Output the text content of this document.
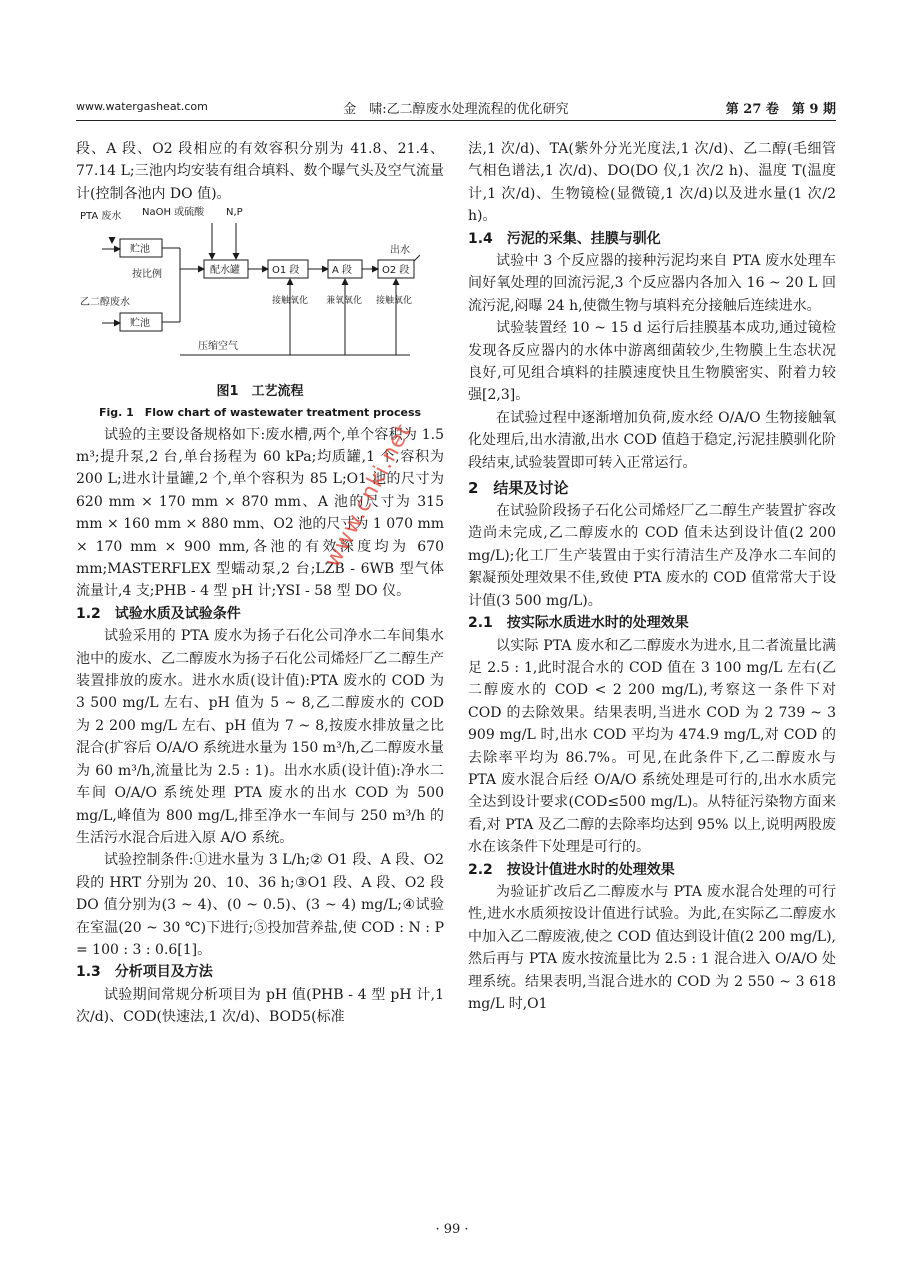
www.watergasheat.com	金　啸:乙二醇废水处理流程的优化研究	第 27 卷　第 9 期

段、A 段、O2 段相应的有效容积分别为 41.8、21.4、77.14 L;三池内均安装有组合填料、数个曝气头及空气流量计(控制各池内 DO 值)。

PTA 废水 NaOH 或硫酸 N,P
贮池
贮池
按比例
乙二醇废水
配水罐	O1 段	A 段	O2 段
出水
接触氧化 兼氧氧化 接触氧化
压缩空气
图1　工艺流程
Fig. 1　Flow chart of wastewater treatment process

试验的主要设备规格如下:废水槽,两个,单个容积为 1.5 m³;提升泵,2 台,单台扬程为 60 kPa;均质罐,1 个,容积为 200 L;进水计量罐,2 个,单个容积为 85 L;O1 池的尺寸为 620 mm × 170 mm × 870 mm、A 池的尺寸为 315 mm × 160 mm × 880 mm、O2 池的尺寸为 1 070 mm × 170 mm × 900 mm,各池的有效深度均为 670 mm;MASTERFLEX 型蠕动泵,2 台;LZB - 6WB 型气体流量计,4 支;PHB - 4 型 pH 计;YSI - 58 型 DO 仪。

1.2　试验水质及试验条件

试验采用的 PTA 废水为扬子石化公司净水二车间集水池中的废水、乙二醇废水为扬子石化公司烯烃厂乙二醇生产装置排放的废水。进水水质(设计值):PTA 废水的 COD 为 3 500 mg/L 左右、pH 值为 5 ~ 8,乙二醇废水的 COD 为 2 200 mg/L 左右、pH 值为 7 ~ 8,按废水排放量之比混合(扩容后 O/A/O 系统进水量为 150 m³/h,乙二醇废水量为 60 m³/h,流量比为 2.5 : 1)。出水水质(设计值):净水二车间 O/A/O 系统处理 PTA 废水的出水 COD 为 500 mg/L,峰值为 800 mg/L,排至净水一车间与 250 m³/h 的生活污水混合后进入原 A/O 系统。

试验控制条件:①进水量为 3 L/h;② O1 段、A 段、O2 段的 HRT 分别为 20、10、36 h;③O1 段、A 段、O2 段 DO 值分别为(3 ~ 4)、(0 ~ 0.5)、(3 ~ 4) mg/L;④试验在室温(20 ~ 30 ℃)下进行;⑤投加营养盐,使 COD : N : P = 100 : 3 : 0.6[1]。

1.3　分析项目及方法

试验期间常规分析项目为 pH 值(PHB - 4 型 pH 计,1 次/d)、COD(快速法,1 次/d)、BOD5(标准

法,1 次/d)、TA(紫外分光光度法,1 次/d)、乙二醇(毛细管气相色谱法,1 次/d)、DO(DO 仪,1 次/2 h)、温度 T(温度计,1 次/d)、生物镜检(显微镜,1 次/d)以及进水量(1 次/2 h)。

1.4　污泥的采集、挂膜与驯化

试验中 3 个反应器的接种污泥均来自 PTA 废水处理车间好氧处理的回流污泥,3 个反应器内各加入 16 ~ 20 L 回流污泥,闷曝 24 h,使微生物与填料充分接触后连续进水。

试验装置经 10 ~ 15 d 运行后挂膜基本成功,通过镜检发现各反应器内的水体中游离细菌较少,生物膜上生态状况良好,可见组合填料的挂膜速度快且生物膜密实、附着力较强[2,3]。

在试验过程中逐渐增加负荷,废水经 O/A/O 生物接触氧化处理后,出水清澈,出水 COD 值趋于稳定,污泥挂膜驯化阶段结束,试验装置即可转入正常运行。

2　结果及讨论

在试验阶段扬子石化公司烯烃厂乙二醇生产装置扩容改造尚未完成,乙二醇废水的 COD 值未达到设计值(2 200 mg/L);化工厂生产装置由于实行清洁生产及净水二车间的絮凝预处理效果不佳,致使 PTA 废水的 COD 值常常大于设计值(3 500 mg/L)。

2.1　按实际水质进水时的处理效果

以实际 PTA 废水和乙二醇废水为进水,且二者流量比满足 2.5 : 1,此时混合水的 COD 值在 3 100 mg/L 左右(乙二醇废水的 COD < 2 200 mg/L),考察这一条件下对 COD 的去除效果。结果表明,当进水 COD 为 2 739 ~ 3 909 mg/L 时,出水 COD 平均为 474.9 mg/L,对 COD 的去除率平均为 86.7%。可见,在此条件下,乙二醇废水与 PTA 废水混合后经 O/A/O 系统处理是可行的,出水水质完全达到设计要求(COD≤500 mg/L)。从特征污染物方面来看,对 PTA 及乙二醇的去除率均达到 95% 以上,说明两股废水在该条件下处理是可行的。

2.2　按设计值进水时的处理效果

为验证扩改后乙二醇废水与 PTA 废水混合处理的可行性,进水水质须按设计值进行试验。为此,在实际乙二醇废水中加入乙二醇废液,使之 COD 值达到设计值(2 200 mg/L),然后再与 PTA 废水按流量比为 2.5 : 1 混合进入 O/A/O 处理系统。结果表明,当混合进水的 COD 为 2 550 ~ 3 618 mg/L 时,O1

www.cnki.net
· 99 ·
